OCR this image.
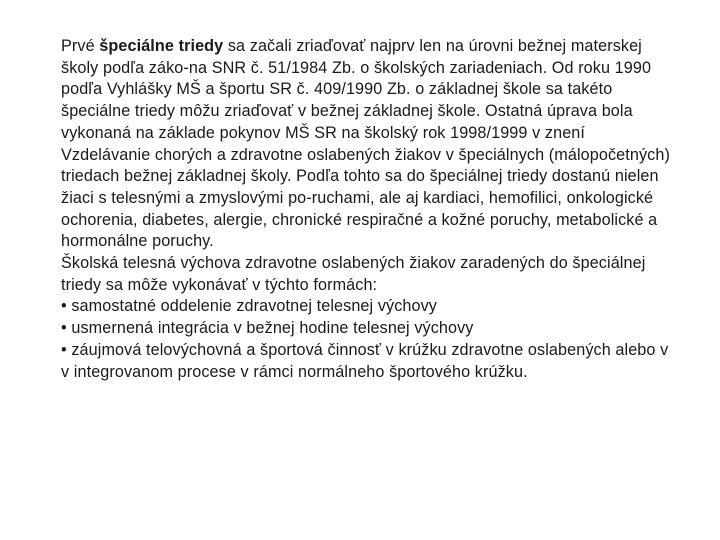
Prvé špeciálne triedy sa začali zriaďovať najprv len na úrovni bežnej materskej školy podľa záko-na SNR č. 51/1984 Zb. o školských zariadeniach. Od roku 1990 podľa Vyhlášky MŠ a športu SR č. 409/1990 Zb. o základnej škole sa takéto špeciálne triedy môžu zriaďovať v bežnej základnej škole. Ostatná úprava bola vykonaná na základe pokynov MŠ SR na školský rok 1998/1999 v znení Vzdelávanie chorých a zdravotne oslabených žiakov v špeciálnych (málopočetných) triedach bežnej základnej školy. Podľa tohto sa do špeciálnej triedy dostanú nielen žiaci s telesnými a zmyslovými po-ruchami, ale aj kardiaci, hemofilici, onkologické ochorenia, diabetes, alergie, chronické respiračné a kožné poruchy, metabolické a hormonálne poruchy.

Školská telesná výchova zdravotne oslabených žiakov zaradených do špeciálnej triedy sa môže vykonávať v týchto formách:

• samostatné oddelenie zdravotnej telesnej výchovy

• usmernená integrácia v bežnej hodine telesnej výchovy

• záujmová telovýchovná a športová činnosť v krúžku zdravotne oslabených alebo v v integrovanom procese v rámci normálneho športového krúžku.
